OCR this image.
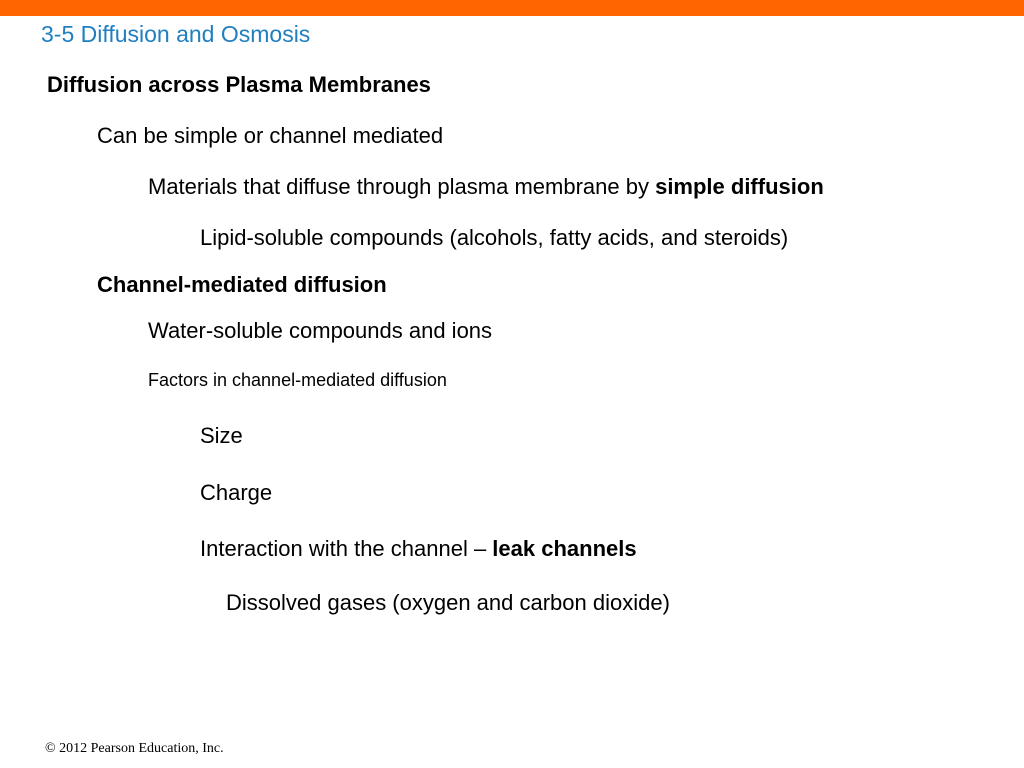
3-5 Diffusion and Osmosis
Diffusion across Plasma Membranes
Can be simple or channel mediated
Materials that diffuse through plasma membrane by simple diffusion
Lipid-soluble compounds (alcohols, fatty acids, and steroids)
Channel-mediated diffusion
Water-soluble compounds and ions
Factors in channel-mediated diffusion
Size
Charge
Interaction with the channel – leak channels
Dissolved gases (oxygen and carbon dioxide)
© 2012 Pearson Education, Inc.
